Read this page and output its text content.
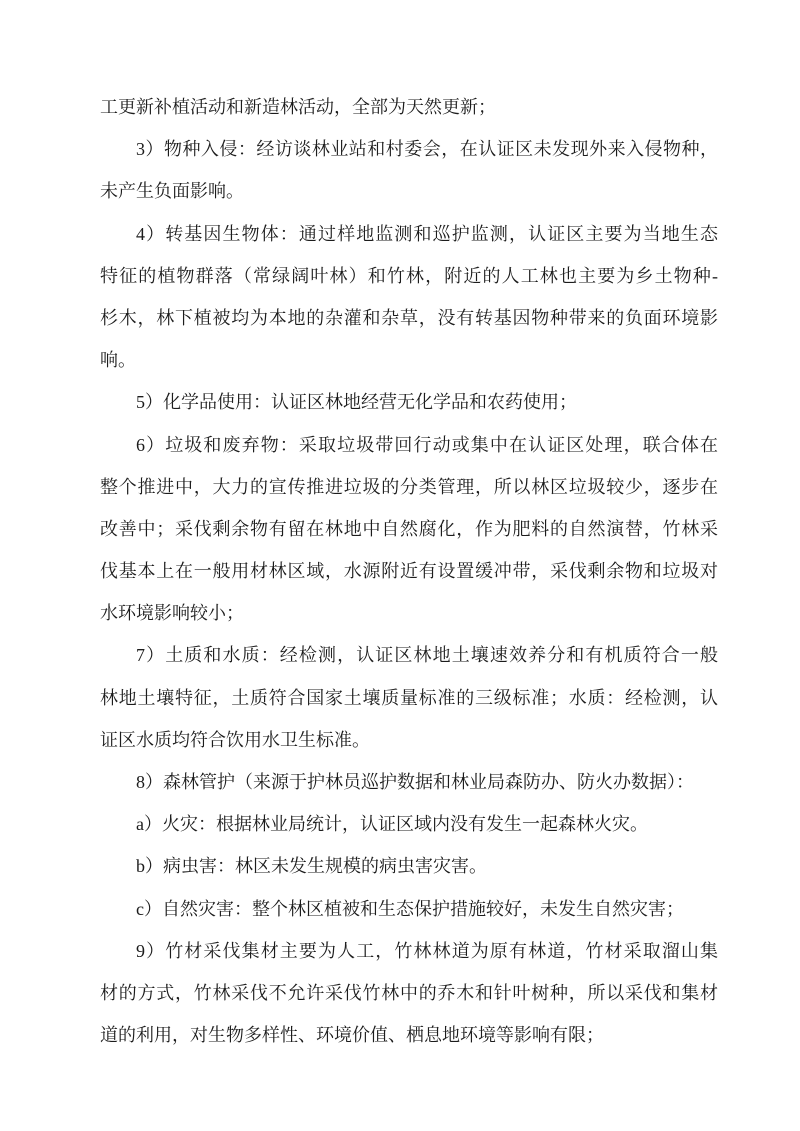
工更新补植活动和新造林活动，全部为天然更新；
3）物种入侵：经访谈林业站和村委会，在认证区未发现外来入侵物种，
未产生负面影响。
4）转基因生物体：通过样地监测和巡护监测，认证区主要为当地生态
特征的植物群落（常绿阔叶林）和竹林，附近的人工林也主要为乡土物种-
杉木，林下植被均为本地的杂灌和杂草，没有转基因物种带来的负面环境影
响。
5）化学品使用：认证区林地经营无化学品和农药使用；
6）垃圾和废弃物：采取垃圾带回行动或集中在认证区处理，联合体在
整个推进中，大力的宣传推进垃圾的分类管理，所以林区垃圾较少，逐步在
改善中；采伐剩余物有留在林地中自然腐化，作为肥料的自然演替，竹林采
伐基本上在一般用材林区域，水源附近有设置缓冲带，采伐剩余物和垃圾对
水环境影响较小；
7）土质和水质：经检测，认证区林地土壤速效养分和有机质符合一般
林地土壤特征，土质符合国家土壤质量标准的三级标准；水质：经检测，认
证区水质均符合饮用水卫生标准。
8）森林管护（来源于护林员巡护数据和林业局森防办、防火办数据）：
a）火灾：根据林业局统计，认证区域内没有发生一起森林火灾。
b）病虫害：林区未发生规模的病虫害灾害。
c）自然灾害：整个林区植被和生态保护措施较好，未发生自然灾害；
9）竹材采伐集材主要为人工，竹林林道为原有林道，竹材采取溜山集
材的方式，竹林采伐不允许采伐竹林中的乔木和针叶树种，所以采伐和集材
道的利用，对生物多样性、环境价值、栖息地环境等影响有限；
